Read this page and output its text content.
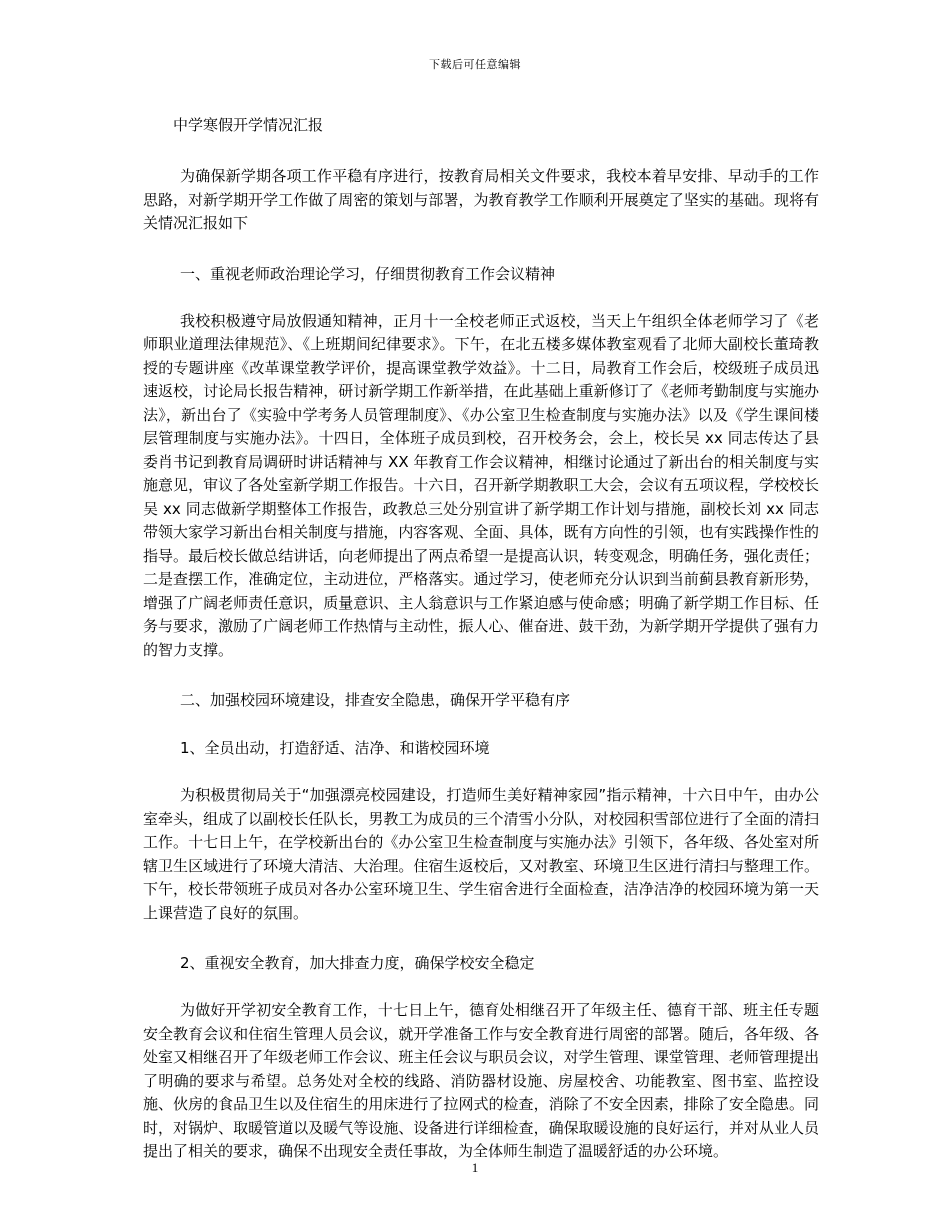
下载后可任意编辑

中学寒假开学情况汇报

为确保新学期各项工作平稳有序进行，按教育局相关文件要求，我校本着早安排、早动手的工作思路，对新学期开学工作做了周密的策划与部署，为教育教学工作顺利开展奠定了坚实的基础。现将有关情况汇报如下

一、重视老师政治理论学习，仔细贯彻教育工作会议精神

我校积极遵守局放假通知精神，正月十一全校老师正式返校，当天上午组织全体老师学习了《老师职业道理法律规范》、《上班期间纪律要求》。下午，在北五楼多媒体教室观看了北师大副校长董琦教授的专题讲座《改革课堂教学评价，提高课堂教学效益》。十二日，局教育工作会后，校级班子成员迅速返校，讨论局长报告精神，研讨新学期工作新举措，在此基础上重新修订了《老师考勤制度与实施办法》，新出台了《实验中学考务人员管理制度》、《办公室卫生检查制度与实施办法》以及《学生课间楼层管理制度与实施办法》。十四日，全体班子成员到校，召开校务会，会上，校长吴 xx 同志传达了县委肖书记到教育局调研时讲话精神与 XX 年教育工作会议精神，相继讨论通过了新出台的相关制度与实施意见，审议了各处室新学期工作报告。十六日，召开新学期教职工大会，会议有五项议程，学校校长吴 xx 同志做新学期整体工作报告，政教总三处分别宣讲了新学期工作计划与措施，副校长刘 xx 同志带领大家学习新出台相关制度与措施，内容客观、全面、具体，既有方向性的引领，也有实践操作性的指导。最后校长做总结讲话，向老师提出了两点希望一是提高认识，转变观念，明确任务，强化责任；二是查摆工作，准确定位，主动进位，严格落实。通过学习，使老师充分认识到当前蓟县教育新形势，增强了广阔老师责任意识，质量意识、主人翁意识与工作紧迫感与使命感；明确了新学期工作目标、任务与要求，激励了广阔老师工作热情与主动性，振人心、催奋进、鼓干劲，为新学期开学提供了强有力的智力支撑。

二、加强校园环境建设，排查安全隐患，确保开学平稳有序

1、全员出动，打造舒适、洁净、和谐校园环境

为积极贯彻局关于“加强漂亮校园建设，打造师生美好精神家园”指示精神，十六日中午，由办公室牵头，组成了以副校长任队长，男教工为成员的三个清雪小分队，对校园积雪部位进行了全面的清扫工作。十七日上午，在学校新出台的《办公室卫生检查制度与实施办法》引领下，各年级、各处室对所辖卫生区域进行了环境大清洁、大治理。住宿生返校后，又对教室、环境卫生区进行清扫与整理工作。下午，校长带领班子成员对各办公室环境卫生、学生宿舍进行全面检查，洁净洁净的校园环境为第一天上课营造了良好的氛围。

2、重视安全教育，加大排查力度，确保学校安全稳定

为做好开学初安全教育工作，十七日上午，德育处相继召开了年级主任、德育干部、班主任专题安全教育会议和住宿生管理人员会议，就开学准备工作与安全教育进行周密的部署。随后，各年级、各处室又相继召开了年级老师工作会议、班主任会议与职员会议，对学生管理、课堂管理、老师管理提出了明确的要求与希望。总务处对全校的线路、消防器材设施、房屋校舍、功能教室、图书室、监控设施、伙房的食品卫生以及住宿生的用床进行了拉网式的检查，消除了不安全因素，排除了安全隐患。同时，对锅炉、取暖管道以及暖气等设施、设备进行详细检查，确保取暖设施的良好运行，并对从业人员提出了相关的要求，确保不出现安全责任事故，为全体师生制造了温暖舒适的办公环境。

1
